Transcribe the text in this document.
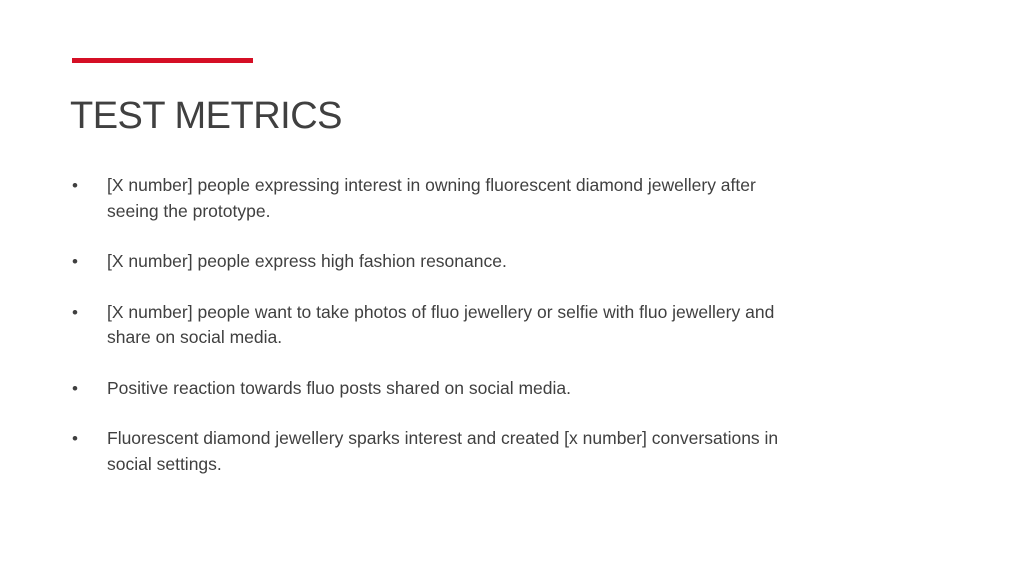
TEST METRICS
•	[X number] people expressing interest in owning fluorescent diamond jewellery after seeing the prototype.
•	[X number] people express high fashion resonance.
•	[X number] people want to take photos of fluo jewellery or selfie with fluo jewellery and share on social media.
•	Positive reaction towards fluo posts shared on social media.
•	Fluorescent diamond jewellery sparks interest and created [x number] conversations in social settings.
